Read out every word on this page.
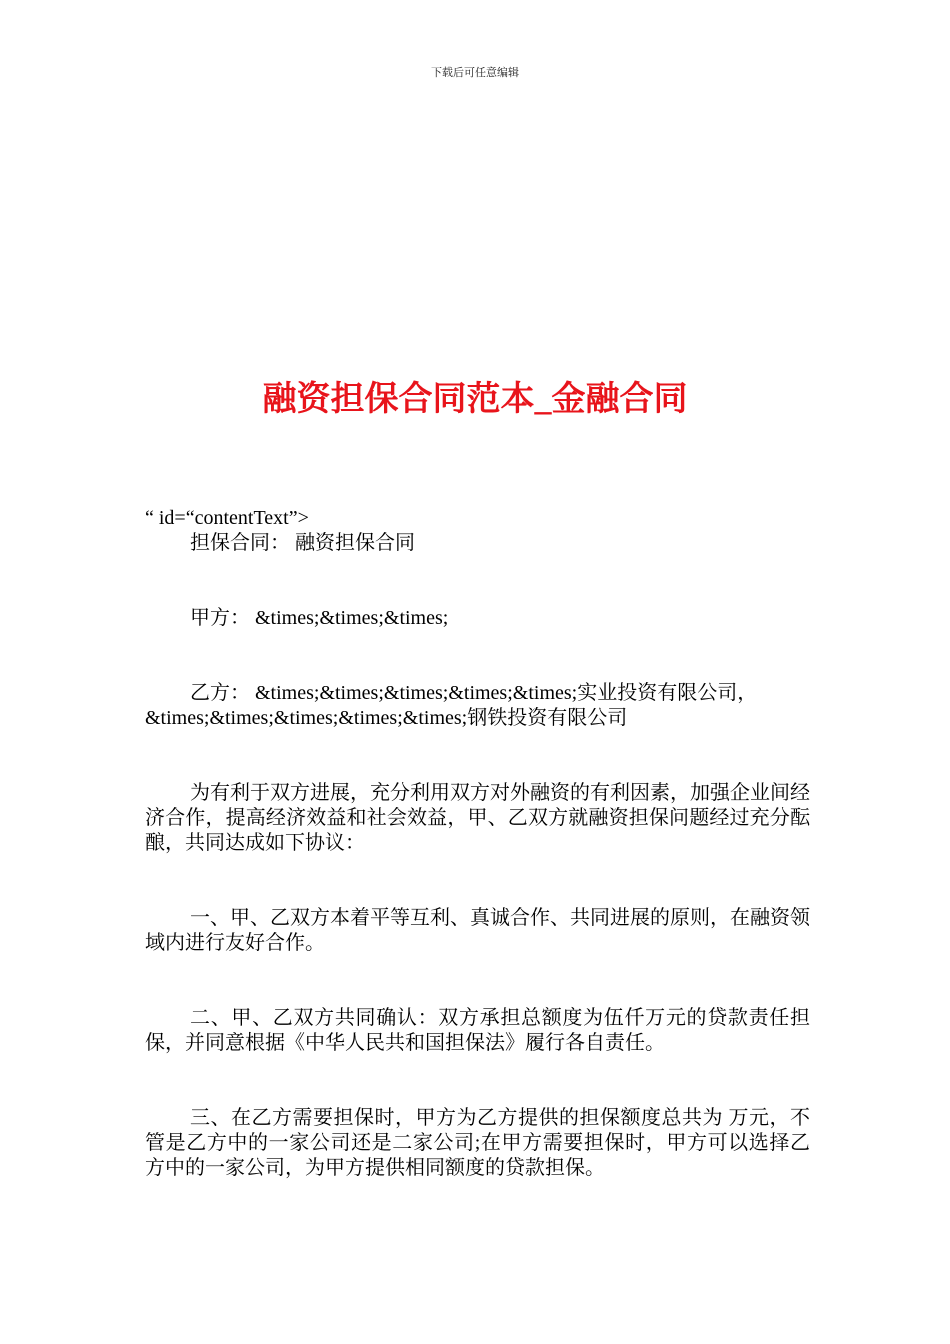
下载后可任意编辑
融资担保合同范本_金融合同

“ id=“contentText”>

担保合同： 融资担保合同

甲方： &times;&times;&times;

乙方： &times;&times;&times;&times;&times;实业投资有限公司，&times;&times;&times;&times;&times;钢铁投资有限公司

为有利于双方进展，充分利用双方对外融资的有利因素，加强企业间经济合作，提高经济效益和社会效益，甲、乙双方就融资担保问题经过充分酝酿，共同达成如下协议：

一、甲、乙双方本着平等互利、真诚合作、共同进展的原则，在融资领域内进行友好合作。

二、甲、乙双方共同确认：双方承担总额度为伍仟万元的贷款责任担保，并同意根据《中华人民共和国担保法》履行各自责任。

三、在乙方需要担保时，甲方为乙方提供的担保额度总共为 万元，不管是乙方中的一家公司还是二家公司;在甲方需要担保时，甲方可以选择乙方中的一家公司，为甲方提供相同额度的贷款担保。
